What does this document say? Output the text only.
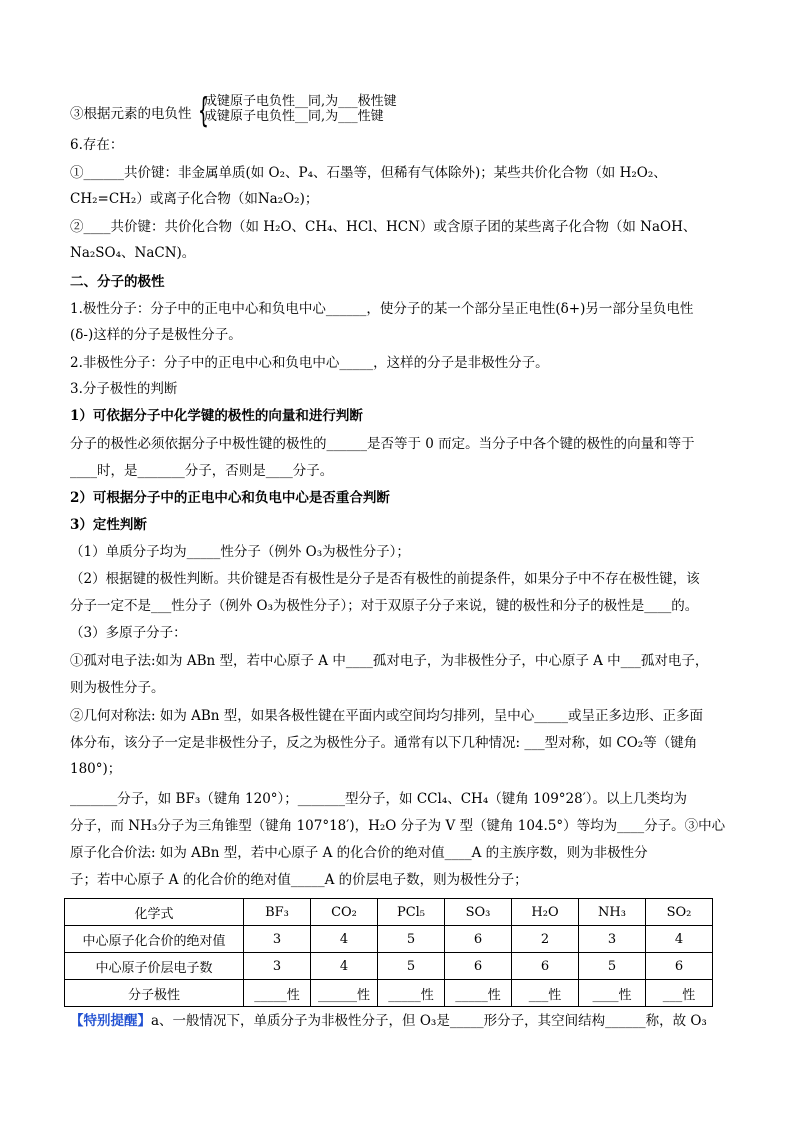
③根据元素的电负性 {
成键原子电负性__同,为___极性键
成键原子电负性__同,为___性键
6.存在：
①______共价键：非金属单质(如 O₂、P₄、石墨等，但稀有气体除外)；某些共价化合物（如 H₂O₂、
CH₂=CH₂）或离子化合物（如Na₂O₂)；
②____共价键：共价化合物（如 H₂O、CH₄、HCl、HCN）或含原子团的某些离子化合物（如 NaOH、
Na₂SO₄、NaCN)。
二、分子的极性
1.极性分子：分子中的正电中心和负电中心______，使分子的某一个部分呈正电性(δ+)另一部分呈负电性
(δ-)这样的分子是极性分子。
2.非极性分子：分子中的正电中心和负电中心_____，这样的分子是非极性分子。
3.分子极性的判断
1）可依据分子中化学键的极性的向量和进行判断
分子的极性必须依据分子中极性键的极性的______是否等于 0 而定。当分子中各个键的极性的向量和等于
____时，是_______分子，否则是____分子。
2）可根据分子中的正电中心和负电中心是否重合判断
3）定性判断
（1）单质分子均为_____性分子（例外 O₃为极性分子）；
（2）根据键的极性判断。共价键是否有极性是分子是否有极性的前提条件，如果分子中不存在极性键，该
分子一定不是___性分子（例外 O₃为极性分子）；对于双原子分子来说，键的极性和分子的极性是____的。
（3）多原子分子：
①孤对电子法:如为 ABn 型，若中心原子 A 中____孤对电子，为非极性分子，中心原子 A 中___孤对电子，
则为极性分子。
②几何对称法: 如为 ABn 型，如果各极性键在平面内或空间均匀排列，呈中心_____或呈正多边形、正多面
体分布，该分子一定是非极性分子，反之为极性分子。通常有以下几种情况: ___型对称，如 CO₂等（键角
180°)；
_______分子，如 BF₃（键角 120°）；_______型分子，如 CCl₄、CH₄（键角 109°28′）。以上几类均为
分子，而 NH₃分子为三角锥型（键角 107°18′)，H₂O 分子为 V 型（键角 104.5°）等均为____分子。③中心
原子化合价法: 如为 ABn 型，若中心原子 A 的化合价的绝对值____A 的主族序数，则为非极性分
子；若中心原子 A 的化合价的绝对值_____A 的价层电子数，则为极性分子；
化学式	BF₃	CO₂	PCl₅	SO₃	H₂O	NH₃	SO₂
中心原子化合价的绝对值	3	4	5	6	2	3	4
中心原子价层电子数	3	4	5	6	6	5	6
分子极性	_____性	______性	_____性	_____性	___性	____性	___性
【特别提醒】a、一般情况下，单质分子为非极性分子，但 O₃是_____形分子，其空间结构______称，故 O₃
